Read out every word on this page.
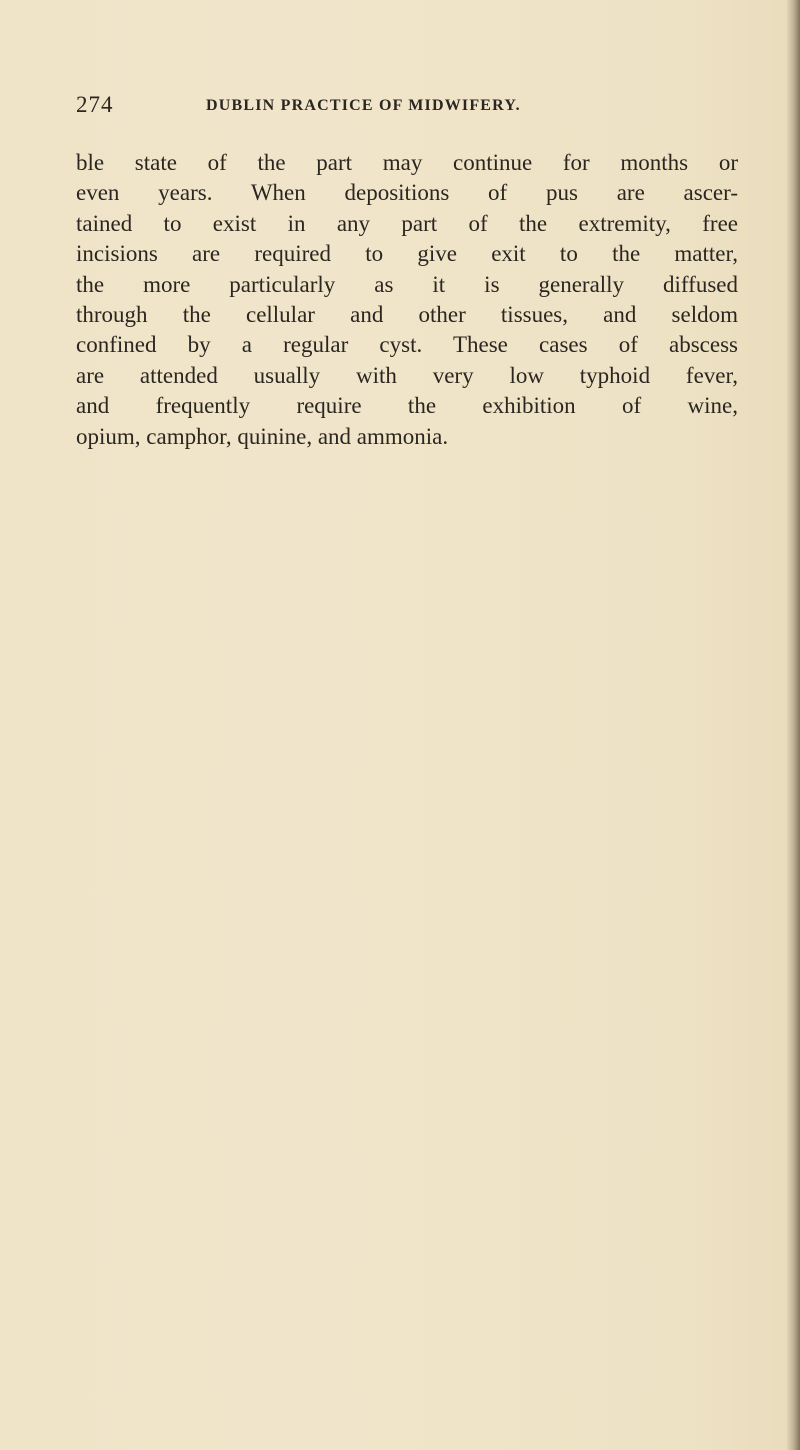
274	DUBLIN PRACTICE OF MIDWIFERY.
ble state of the part may continue for months or
even years. When depositions of pus are ascer-
tained to exist in any part of the extremity, free
incisions are required to give exit to the matter,
the more particularly as it is generally diffused
through the cellular and other tissues, and seldom
confined by a regular cyst. These cases of abscess
are attended usually with very low typhoid fever,
and frequently require the exhibition of wine,
opium, camphor, quinine, and ammonia.
